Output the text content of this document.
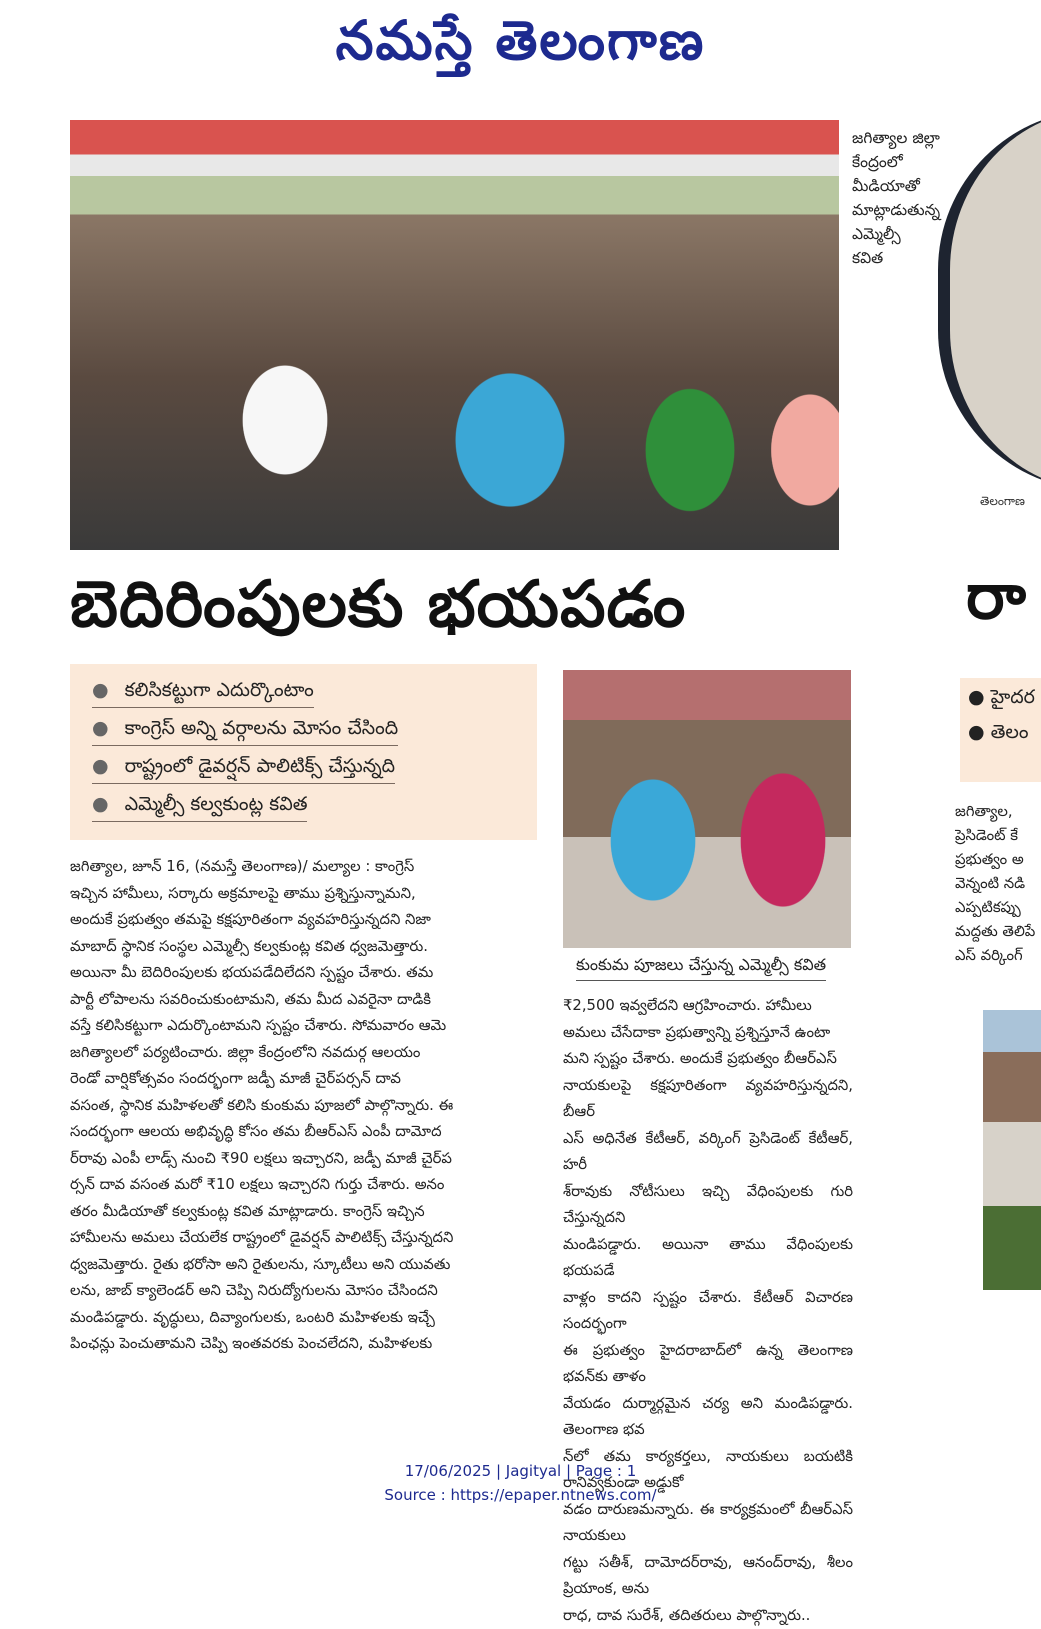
నమస్తే తెలంగాణ
జగిత్యాల జిల్లా
కేంద్రంలో
మీడియాతో
మాట్లాడుతున్న
ఎమ్మెల్సీ
కవిత
తెలంగాణ
బెదిరింపులకు భయపడం	రా
● కలిసికట్టుగా ఎదుర్కొంటాం
● కాంగ్రెస్ అన్ని వర్గాలను మోసం చేసింది
● రాష్ట్రంలో డైవర్షన్ పాలిటిక్స్ చేస్తున్నది
● ఎమ్మెల్సీ కల్వకుంట్ల కవిత
● హైదర
● తెలం
కుంకుమ పూజలు చేస్తున్న ఎమ్మెల్సీ కవిత
జగిత్యాల, జూన్ 16, (నమస్తే తెలంగాణ)/ మల్యాల : కాంగ్రెస్
ఇచ్చిన హామీలు, సర్కారు అక్రమాలపై తాము ప్రశ్నిస్తున్నామని,
అందుకే ప్రభుత్వం తమపై కక్షపూరితంగా వ్యవహరిస్తున్నదని నిజా
మాబాద్ స్థానిక సంస్థల ఎమ్మెల్సీ కల్వకుంట్ల కవిత ధ్వజమెత్తారు.
అయినా మీ బెదిరింపులకు భయపడేదిలేదని స్పష్టం చేశారు. తమ
పార్టీ లోపాలను సవరించుకుంటామని, తమ మీద ఎవరైనా దాడికి
వస్తే కలిసికట్టుగా ఎదుర్కొంటామని స్పష్టం చేశారు. సోమవారం ఆమె
జగిత్యాలలో పర్యటించారు. జిల్లా కేంద్రంలోని నవదుర్గ ఆలయం
రెండో వార్షికోత్సవం సందర్భంగా జడ్పీ మాజీ చైర్‌పర్సన్ దావ
వసంత, స్థానిక మహిళలతో కలిసి కుంకుమ పూజలో పాల్గొన్నారు. ఈ
సందర్భంగా ఆలయ అభివృద్ధి కోసం తమ బీఆర్ఎస్ ఎంపీ దామోద
ర్‌రావు ఎంపీ లాడ్స్ నుంచి ₹90 లక్షలు ఇచ్చారని, జడ్పీ మాజీ చైర్‌ప
ర్సన్ దావ వసంత మరో ₹10 లక్షలు ఇచ్చారని గుర్తు చేశారు. అనం
తరం మీడియాతో కల్వకుంట్ల కవిత మాట్లాడారు. కాంగ్రెస్ ఇచ్చిన
హామీలను అమలు చేయలేక రాష్ట్రంలో డైవర్షన్ పాలిటిక్స్ చేస్తున్నదని
ధ్వజమెత్తారు. రైతు భరోసా అని రైతులను, స్కూటీలు అని యువతు
లను, జాబ్ క్యాలెండర్ అని చెప్పి నిరుద్యోగులను మోసం చేసిందని
మండిపడ్డారు. వృద్ధులు, దివ్యాంగులకు, ఒంటరి మహిళలకు ఇచ్చే
పింఛన్లు పెంచుతామని చెప్పి ఇంతవరకు పెంచలేదని, మహిళలకు
₹2,500 ఇవ్వలేదని ఆగ్రహించారు. హామీలు
అమలు చేసేదాకా ప్రభుత్వాన్ని ప్రశ్నిస్తూనే ఉంటా
మని స్పష్టం చేశారు. అందుకే ప్రభుత్వం బీఆర్ఎస్
నాయకులపై కక్షపూరితంగా వ్యవహరిస్తున్నదని, బీఆర్
ఎస్ అధినేత కేటీఆర్, వర్కింగ్ ప్రెసిడెంట్ కేటీఆర్, హరీ
శ్‌రావుకు నోటీసులు ఇచ్చి వేధింపులకు గురి చేస్తున్నదని
మండిపడ్డారు. అయినా తాము వేధింపులకు భయపడే
వాళ్లం కాదని స్పష్టం చేశారు. కేటీఆర్ విచారణ సందర్భంగా
ఈ ప్రభుత్వం హైదరాబాద్‌లో ఉన్న తెలంగాణ భవన్‌కు తాళం
వేయడం దుర్మార్గమైన చర్య అని మండిపడ్డారు. తెలంగాణ భవ
న్‌లో తమ కార్యకర్తలు, నాయకులు బయటికి రానివ్వకుండా అడ్డుకో
వడం దారుణమన్నారు. ఈ కార్యక్రమంలో బీఆర్ఎస్ నాయకులు
గట్టు సతీశ్, దామోదర్‌రావు, ఆనంద్‌రావు, శీలం ప్రియాంక, అను
రాధ, దావ సురేశ్, తదితరులు పాల్గొన్నారు..
జగిత్యాల,
ప్రెసిడెంట్ కే
ప్రభుత్వం అ
వెన్నంటి నడి
ఎప్పటికప్పు
మద్దతు తెలిపే
ఎస్ వర్కింగ్
17/06/2025 | Jagityal | Page : 1
Source : https://epaper.ntnews.com/
